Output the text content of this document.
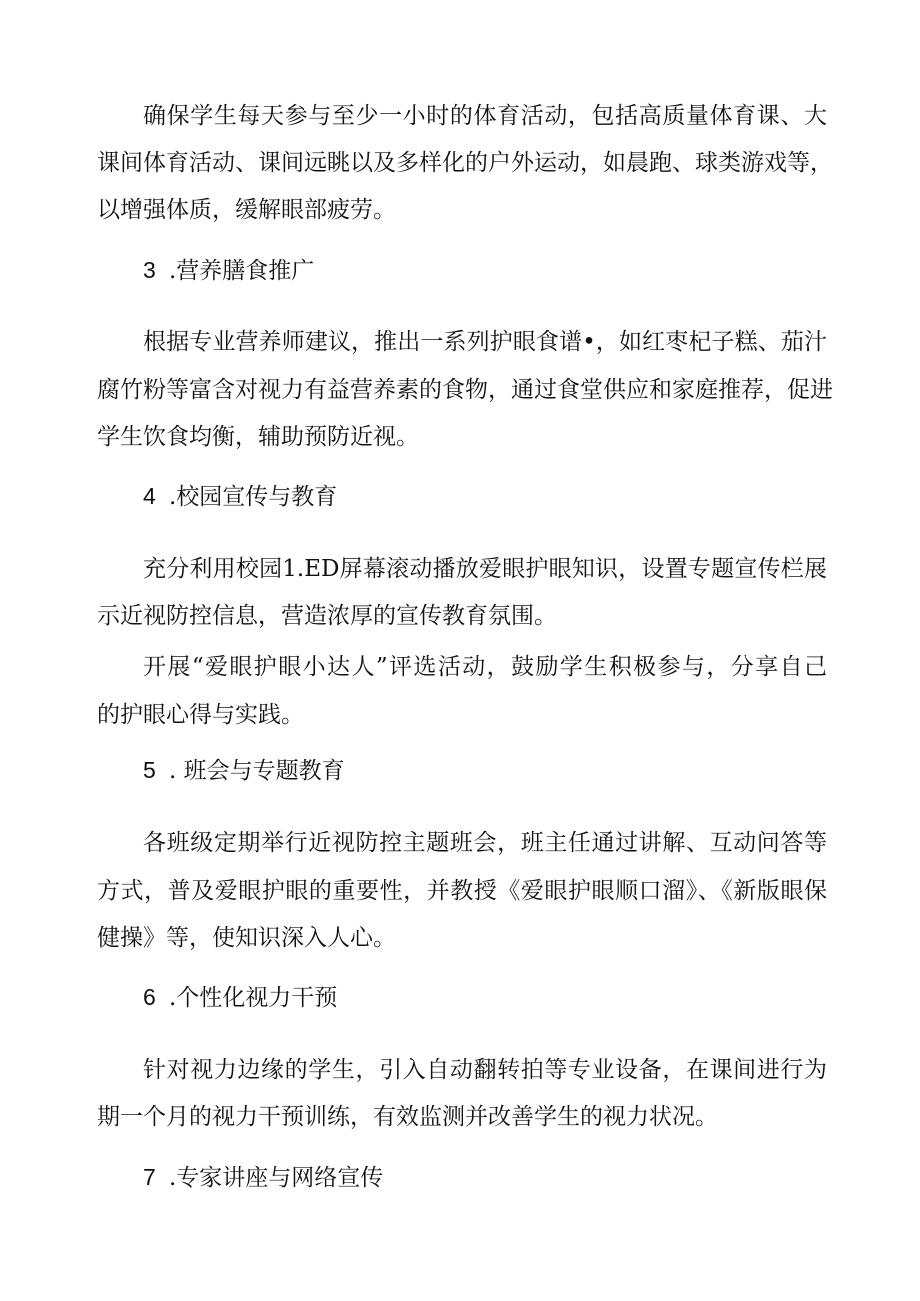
确保学生每天参与至少一小时的体育活动，包括高质量体育课、大
课间体育活动、课间远眺以及多样化的户外运动，如晨跑、球类游戏等，
以增强体质，缓解眼部疲劳。
3 .营养膳食推广
根据专业营养师建议，推出一系列护眼食谱•，如红枣杞子糕、茄汁
腐竹粉等富含对视力有益营养素的食物，通过食堂供应和家庭推荐，促进
学生饮食均衡，辅助预防近视。
4 .校园宣传与教育
充分利用校园1.ED屏幕滚动播放爱眼护眼知识，设置专题宣传栏展
示近视防控信息，营造浓厚的宣传教育氛围。
开展“爱眼护眼小达人”评选活动，鼓励学生积极参与，分享自己
的护眼心得与实践。
5 . 班会与专题教育
各班级定期举行近视防控主题班会，班主任通过讲解、互动问答等
方式，普及爱眼护眼的重要性，并教授《爱眼护眼顺口溜》、《新版眼保
健操》等，使知识深入人心。
6 .个性化视力干预
针对视力边缘的学生，引入自动翻转拍等专业设备，在课间进行为
期一个月的视力干预训练，有效监测并改善学生的视力状况。
7 .专家讲座与网络宣传
